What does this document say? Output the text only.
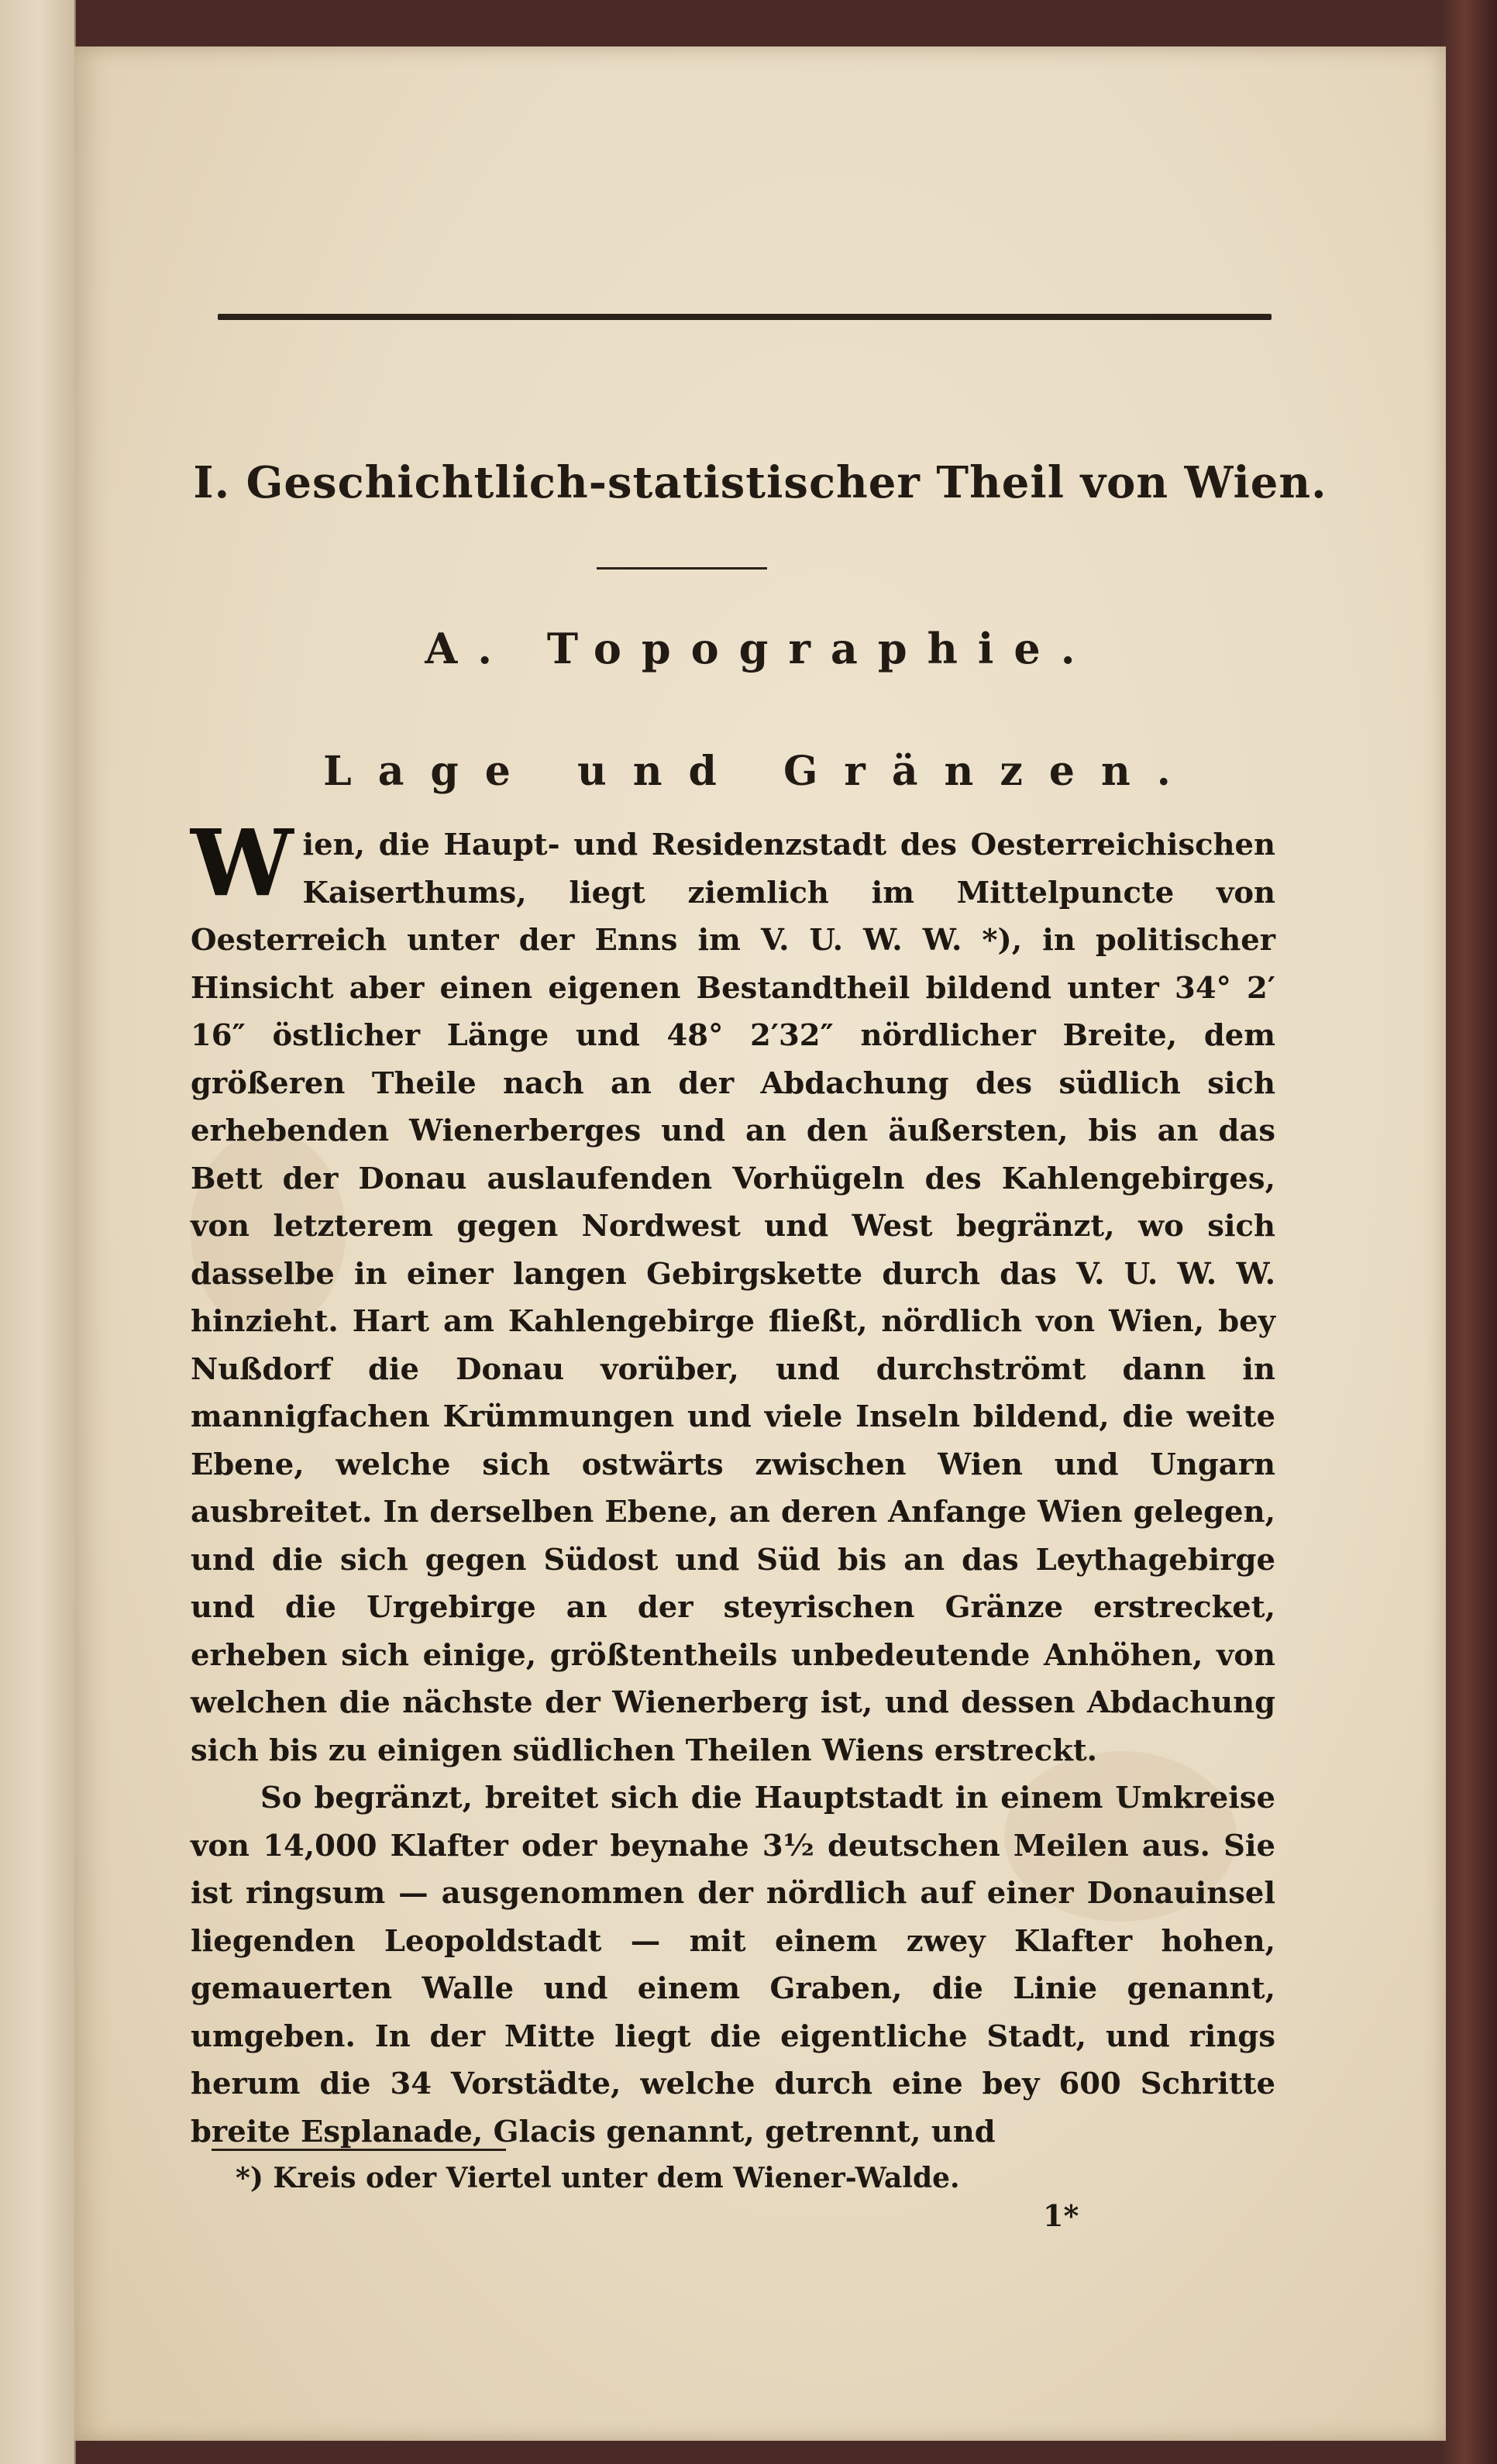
I. Geschichtlich-statistischer Theil von Wien.
A. Topographie.
Lage und Gränzen.

Wien, die Haupt- und Residenzstadt des Oesterreichischen Kaiserthums, liegt ziemlich im Mittelpuncte von Oesterreich unter der Enns im V. U. W. W. *), in politischer Hinsicht aber einen eigenen Bestandtheil bildend unter 34° 2′ 16″ östlicher Länge und 48° 2′32″ nördlicher Breite, dem größeren Theile nach an der Abdachung des südlich sich erhebenden Wienerberges und an den äußersten, bis an das Bett der Donau auslaufenden Vorhügeln des Kahlengebirges, von letzterem gegen Nordwest und West begränzt, wo sich dasselbe in einer langen Gebirgskette durch das V. U. W. W. hinzieht. Hart am Kahlengebirge fließt, nördlich von Wien, bey Nußdorf die Donau vorüber, und durchströmt dann in mannigfachen Krümmungen und viele Inseln bildend, die weite Ebene, welche sich ostwärts zwischen Wien und Ungarn ausbreitet. In derselben Ebene, an deren Anfange Wien gelegen, und die sich gegen Südost und Süd bis an das Leythagebirge und die Urgebirge an der steyrischen Gränze erstrecket, erheben sich einige, größtentheils unbedeutende Anhöhen, von welchen die nächste der Wienerberg ist, und dessen Abdachung sich bis zu einigen südlichen Theilen Wiens erstreckt.

So begränzt, breitet sich die Hauptstadt in einem Umkreise von 14,000 Klafter oder beynahe 3½ deutschen Meilen aus. Sie ist ringsum — ausgenommen der nördlich auf einer Donauinsel liegenden Leopoldstadt — mit einem zwey Klafter hohen, gemauerten Walle und einem Graben, die Linie genannt, umgeben. In der Mitte liegt die eigentliche Stadt, und rings herum die 34 Vorstädte, welche durch eine bey 600 Schritte breite Esplanade, Glacis genannt, getrennt, und

*) Kreis oder Viertel unter dem Wiener-Walde.
1*
